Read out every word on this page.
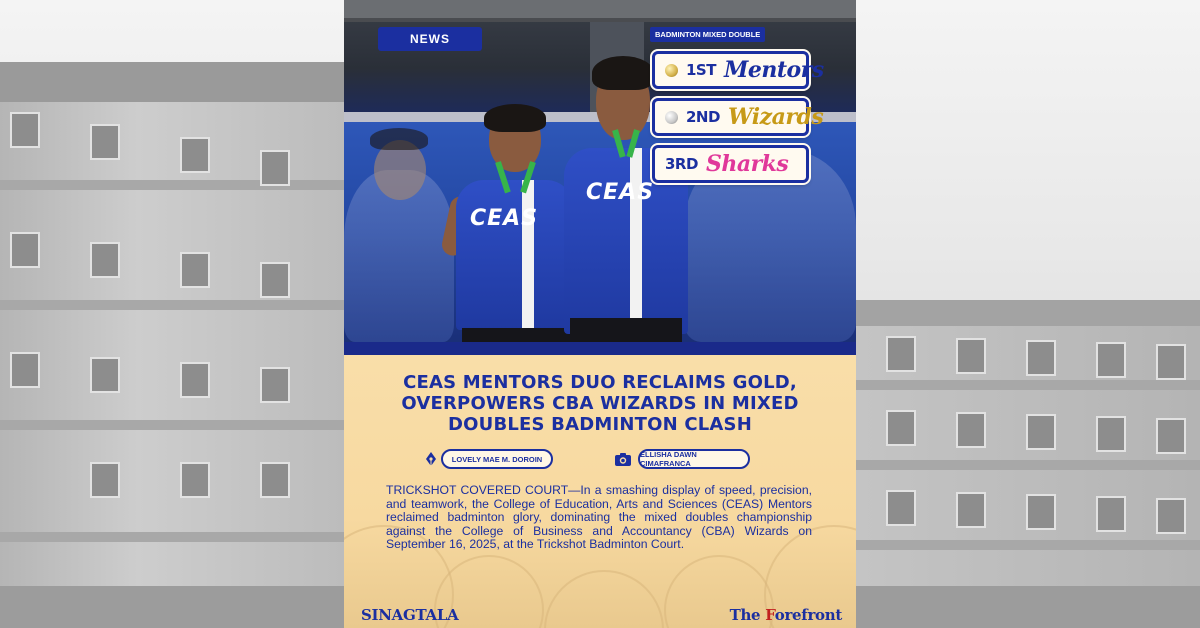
CEAS
CEAS
NEWS	BADMINTON MIXED DOUBLE
1ST Mentors
2ND Wizards
3RD Sharks
CEAS MENTORS DUO RECLAIMS GOLD, OVERPOWERS CBA WIZARDS IN MIXED DOUBLES BADMINTON CLASH
LOVELY MAE M. DOROIN	ELLISHA DAWN CIMAFRANCA

TRICKSHOT COVERED COURT—In a smashing display of speed, precision, and teamwork, the College of Education, Arts and Sciences (CEAS) Mentors reclaimed badminton glory, dominating the mixed doubles championship against the College of Business and Accountancy (CBA) Wizards on September 16, 2025, at the Trickshot Badminton Court.

SINAGTALA	The Forefront
